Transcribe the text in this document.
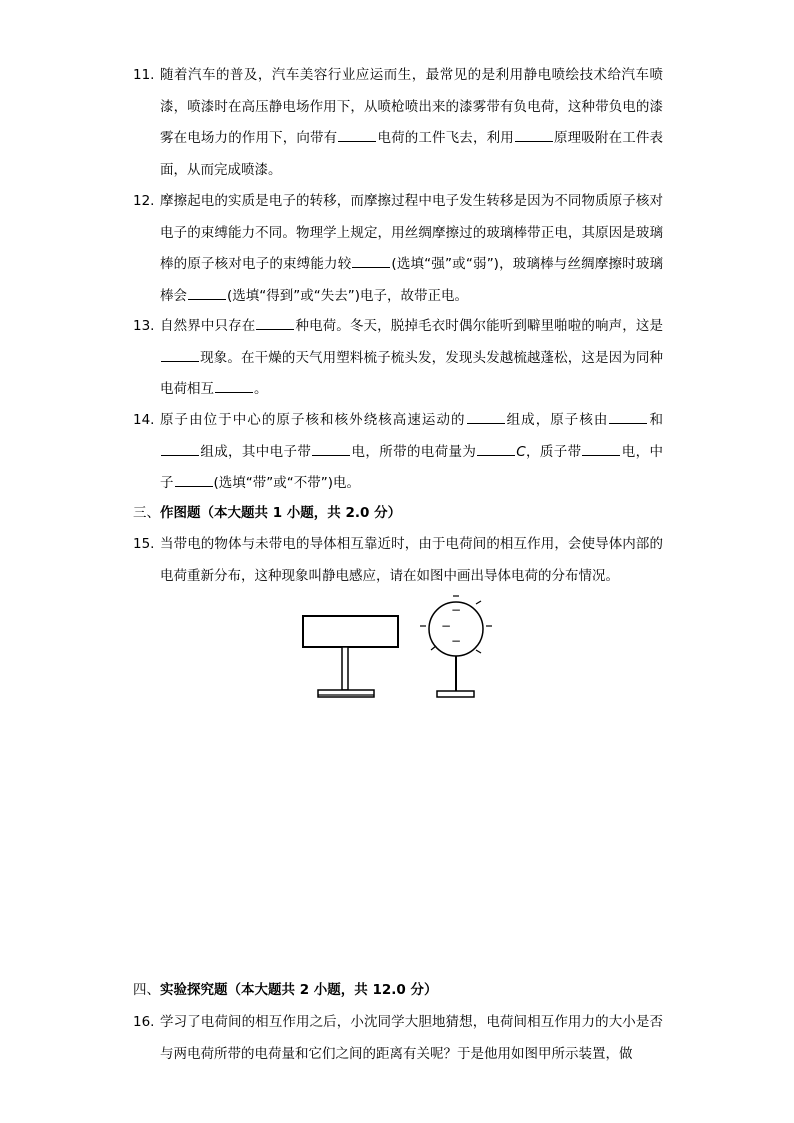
11. 随着汽车的普及，汽车美容行业应运而生，最常见的是利用静电喷绘技术给汽车喷漆，喷漆时在高压静电场作用下，从喷枪喷出来的漆雾带有负电荷，这种带负电的漆雾在电场力的作用下，向带有	电荷的工件飞去，利用	原理吸附在工件表面，从而完成喷漆。
12. 摩擦起电的实质是电子的转移，而摩擦过程中电子发生转移是因为不同物质原子核对电子的束缚能力不同。物理学上规定，用丝绸摩擦过的玻璃棒带正电，其原因是玻璃棒的原子核对电子的束缚能力较	(选填“强”或“弱”)，玻璃棒与丝绸摩擦时玻璃棒会	(选填“得到”或“失去”)电子，故带正电。
13. 自然界中只存在	种电荷。冬天，脱掉毛衣时偶尔能听到噼里啪啦的响声，这是现象。在干燥的天气用塑料梳子梳头发，发现头发越梳越蓬松，这是因为同种电荷相互	。
14. 原子由位于中心的原子核和核外绕核高速运动的	组成，原子核由	和组成，其中电子带	电，所带的电荷量为	C，质子带	电，中子	(选填“带”或“不带”)电。
三、作图题（本大题共 1 小题，共 2.0 分）
15. 当带电的物体与未带电的导体相互靠近时，由于电荷间的相互作用，会使导体内部的电荷重新分布，这种现象叫静电感应，请在如图中画出导体电荷的分布情况。
−
−
−
四、实验探究题（本大题共 2 小题，共 12.0 分）
16. 学习了电荷间的相互作用之后，小沈同学大胆地猜想，电荷间相互作用力的大小是否与两电荷所带的电荷量和它们之间的距离有关呢？于是他用如图甲所示装置，做
